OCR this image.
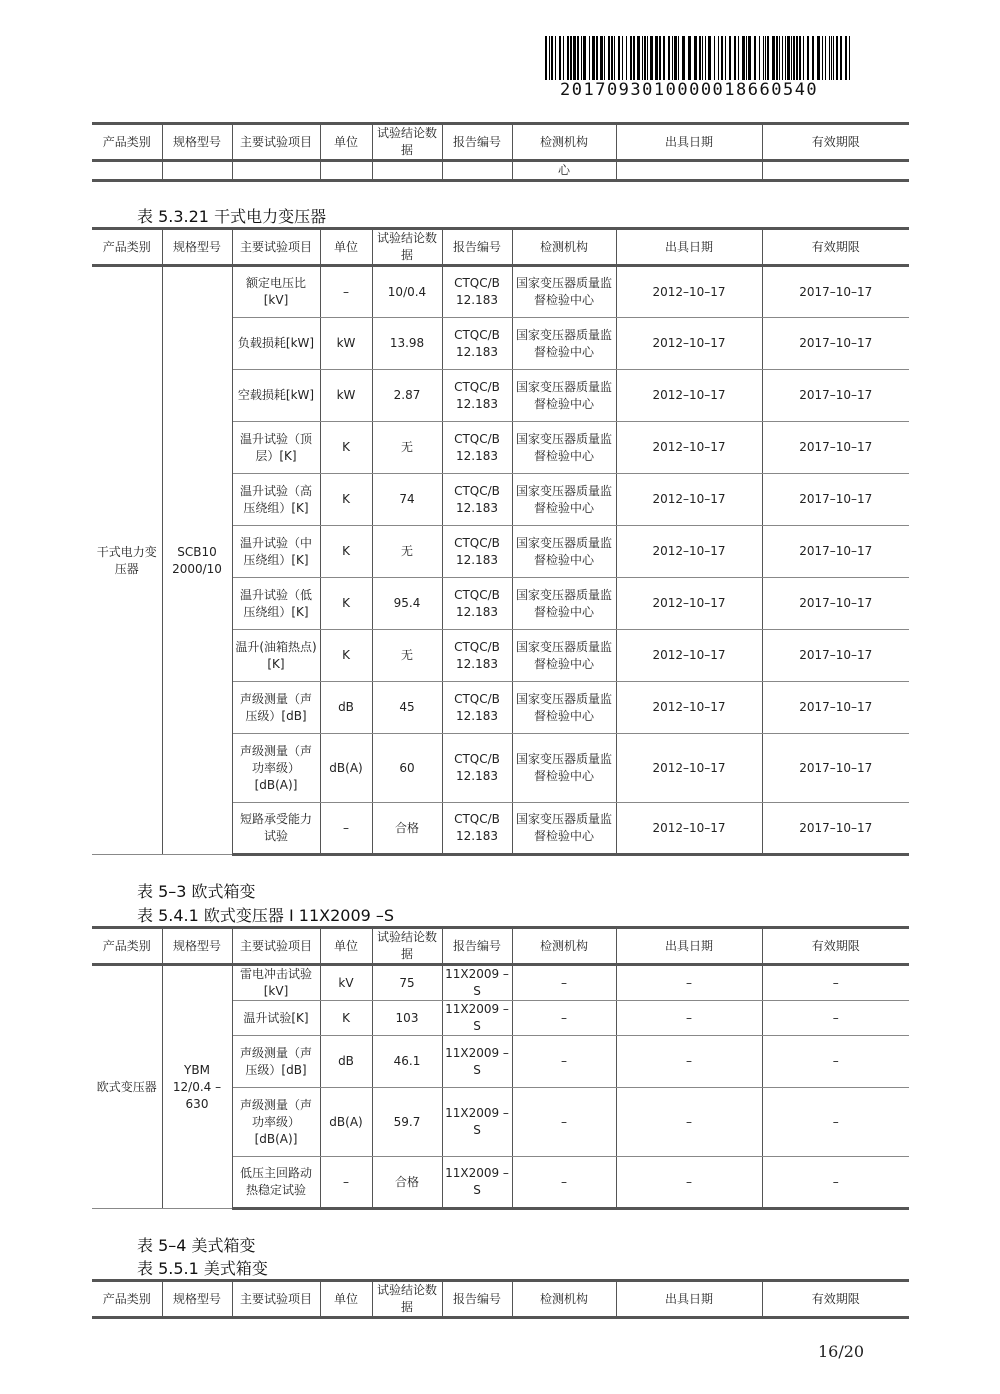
2017093010000018660540
产品类别	规格型号	主要试验项目	单位	试验结论数据	报告编号	检测机构	出具日期	有效期限
						心		
表 5.3.21 干式电力变压器
产品类别	规格型号	主要试验项目	单位	试验结论数据	报告编号	检测机构	出具日期	有效期限
干式电力变压器	SCB10 2000/10	额定电压比[kV]	–	10/0.4	CTQC/B 12.183	国家变压器质量监督检验中心	2012–10–17	2017–10–17
		负载损耗[kW]	kW	13.98	CTQC/B 12.183	国家变压器质量监督检验中心	2012–10–17	2017–10–17
		空载损耗[kW]	kW	2.87	CTQC/B 12.183	国家变压器质量监督检验中心	2012–10–17	2017–10–17
		温升试验（顶层）[K]	K	无	CTQC/B 12.183	国家变压器质量监督检验中心	2012–10–17	2017–10–17
		温升试验（高压绕组）[K]	K	74	CTQC/B 12.183	国家变压器质量监督检验中心	2012–10–17	2017–10–17
		温升试验（中压绕组）[K]	K	无	CTQC/B 12.183	国家变压器质量监督检验中心	2012–10–17	2017–10–17
		温升试验（低压绕组）[K]	K	95.4	CTQC/B 12.183	国家变压器质量监督检验中心	2012–10–17	2017–10–17
		温升(油箱热点)[K]	K	无	CTQC/B 12.183	国家变压器质量监督检验中心	2012–10–17	2017–10–17
		声级测量（声压级）[dB]	dB	45	CTQC/B 12.183	国家变压器质量监督检验中心	2012–10–17	2017–10–17
		声级测量（声功率级）[dB(A)]	dB(A)	60	CTQC/B 12.183	国家变压器质量监督检验中心	2012–10–17	2017–10–17
		短路承受能力试验	–	合格	CTQC/B 12.183	国家变压器质量监督检验中心	2012–10–17	2017–10–17
表 5–3 欧式箱变
表 5.4.1 欧式变压器 Ⅰ 11X2009 –S
产品类别	规格型号	主要试验项目	单位	试验结论数据	报告编号	检测机构	出具日期	有效期限
欧式变压器	YBM 12/0.4 – 630	雷电冲击试验[kV]	kV	75	11X2009 –S	–	–	–
		温升试验[K]	K	103	11X2009 –S	–	–	–
		声级测量（声压级）[dB]	dB	46.1	11X2009 –S	–	–	–
		声级测量（声功率级）[dB(A)]	dB(A)	59.7	11X2009 –S	–	–	–
		低压主回路动热稳定试验	–	合格	11X2009 –S	–	–	–
表 5–4 美式箱变
表 5.5.1 美式箱变
产品类别	规格型号	主要试验项目	单位	试验结论数据	报告编号	检测机构	出具日期	有效期限
16/20
